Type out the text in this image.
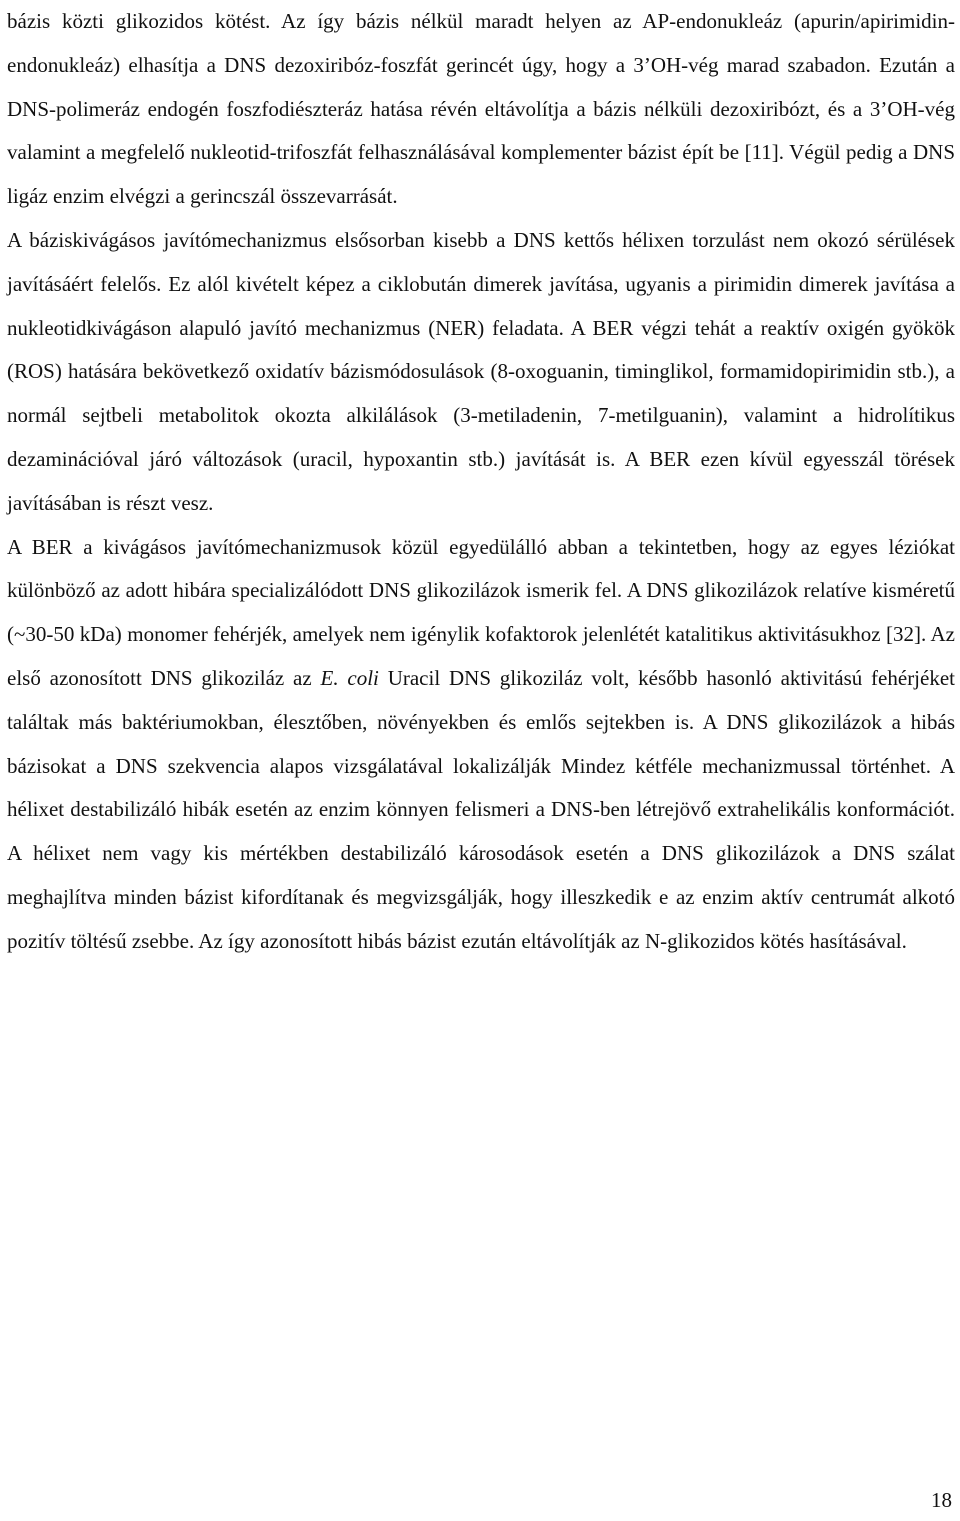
bázis közti glikozidos kötést. Az így bázis nélkül maradt helyen az AP-endonukleáz (apurin/apirimidin-endonukleáz) elhasítja a DNS dezoxiribóz-foszfát gerincét úgy, hogy a 3’OH-vég marad szabadon. Ezután a DNS-polimeráz endogén foszfodiészteráz hatása révén eltávolítja a bázis nélküli dezoxiribózt, és a 3’OH-vég valamint a megfelelő nukleotid-trifoszfát felhasználásával komplementer bázist épít be [11]. Végül pedig a DNS ligáz enzim elvégzi a gerincszál összevarrását.

A báziskivágásos javítómechanizmus elsősorban kisebb a DNS kettős hélixen torzulást nem okozó sérülések javításáért felelős. Ez alól kivételt képez a ciklobután dimerek javítása, ugyanis a pirimidin dimerek javítása a nukleotidkivágáson alapuló javító mechanizmus (NER) feladata. A BER végzi tehát a reaktív oxigén gyökök (ROS) hatására bekövetkező oxidatív bázismódosulások (8-oxoguanin, timinglikol, formamidopirimidin stb.), a normál sejtbeli metabolitok okozta alkilálások (3-metiladenin, 7-metilguanin), valamint a hidrolítikus dezaminációval járó változások (uracil, hypoxantin stb.) javítását is. A BER ezen kívül egyesszál törések javításában is részt vesz.

A BER a kivágásos javítómechanizmusok közül egyedülálló abban a tekintetben, hogy az egyes léziókat különböző az adott hibára specializálódott DNS glikozilázok ismerik fel. A DNS glikozilázok relatíve kisméretű (~30-50 kDa) monomer fehérjék, amelyek nem igénylik kofaktorok jelenlétét katalitikus aktivitásukhoz [32]. Az első azonosított DNS glikoziláz az E. coli Uracil DNS glikoziláz volt, később hasonló aktivitású fehérjéket találtak más baktériumokban, élesztőben, növényekben és emlős sejtekben is. A DNS glikozilázok a hibás bázisokat a DNS szekvencia alapos vizsgálatával lokalizálják Mindez kétféle mechanizmussal történhet. A hélixet destabilizáló hibák esetén az enzim könnyen felismeri a DNS-ben létrejövő extrahelikális konformációt. A hélixet nem vagy kis mértékben destabilizáló károsodások esetén a DNS glikozilázok a DNS szálat meghajlítva minden bázist kifordítanak és megvizsgálják, hogy illeszkedik e az enzim aktív centrumát alkotó pozitív töltésű zsebbe. Az így azonosított hibás bázist ezután eltávolítják az N-glikozidos kötés hasításával.

18
